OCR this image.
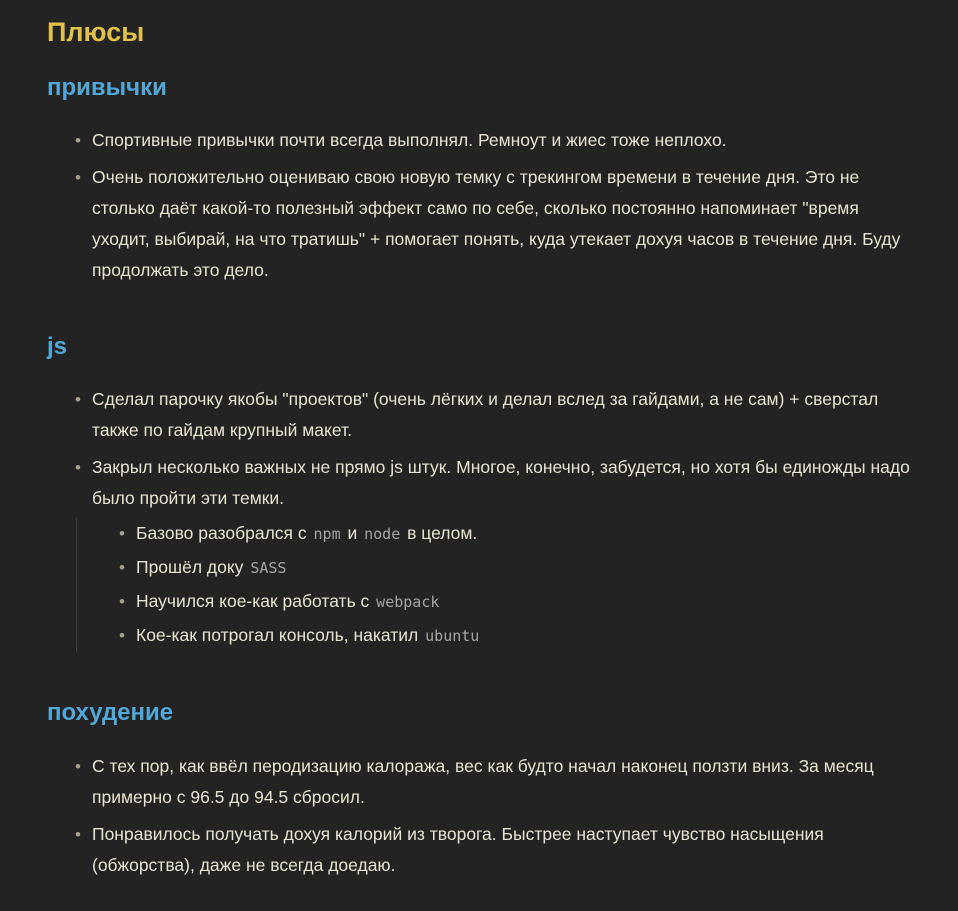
Плюсы
привычки
• Спортивные привычки почти всегда выполнял. Ремноут и жиес тоже неплохо.
• Очень положительно оцениваю свою новую темку с трекингом времени в течение дня. Это не столько даёт какой-то полезный эффект само по себе, сколько постоянно напоминает "время уходит, выбирай, на что тратишь" + помогает понять, куда утекает дохуя часов в течение дня. Буду продолжать это дело.
js
• Сделал парочку якобы "проектов" (очень лёгких и делал вслед за гайдами, а не сам) + сверстал также по гайдам крупный макет.
• Закрыл несколько важных не прямо js штук. Многое, конечно, забудется, но хотя бы единожды надо было пройти эти темки.
• Базово разобрался с npm и node в целом.
• Прошёл доку SASS
• Научился кое-как работать с webpack
• Кое-как потрогал консоль, накатил ubuntu
похудение
• С тех пор, как ввёл перодизацию калоража, вес как будто начал наконец ползти вниз. За месяц примерно с 96.5 до 94.5 сбросил.
• Понравилось получать дохуя калорий из творога. Быстрее наступает чувство насыщения (обжорства), даже не всегда доедаю.
